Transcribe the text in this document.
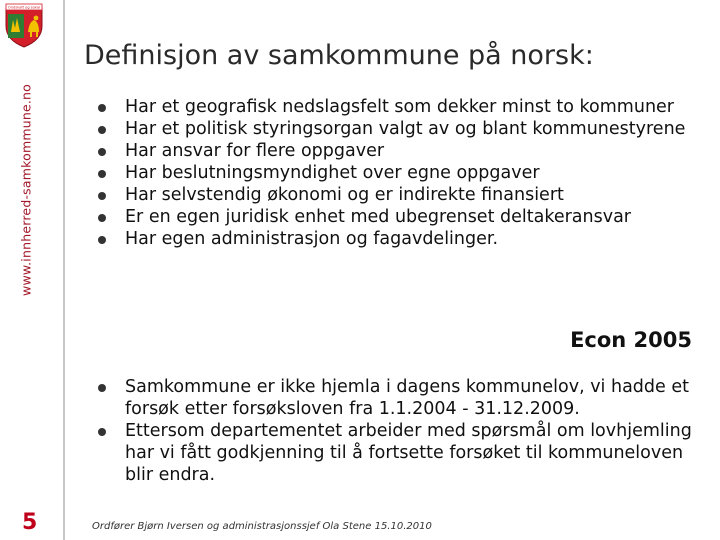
Ondskaft og sokal
www.innherred-samkommune.no
5
Definisjon av samkommune på norsk:
Har et geografisk nedslagsfelt som dekker minst to kommuner
Har et politisk styringsorgan valgt av og blant kommunestyrene
Har ansvar for flere oppgaver
Har beslutningsmyndighet over egne oppgaver
Har selvstendig økonomi og er indirekte finansiert
Er en egen juridisk enhet med ubegrenset deltakeransvar
Har egen administrasjon og fagavdelinger.
Econ 2005
Samkommune er ikke hjemla i dagens kommunelov, vi hadde et forsøk etter forsøksloven fra 1.1.2004 - 31.12.2009.
Ettersom departementet arbeider med spørsmål om lovhjemling har vi fått godkjenning til å fortsette forsøket til kommuneloven blir endra.
Ordfører Bjørn Iversen og administrasjonssjef Ola Stene 15.10.2010
